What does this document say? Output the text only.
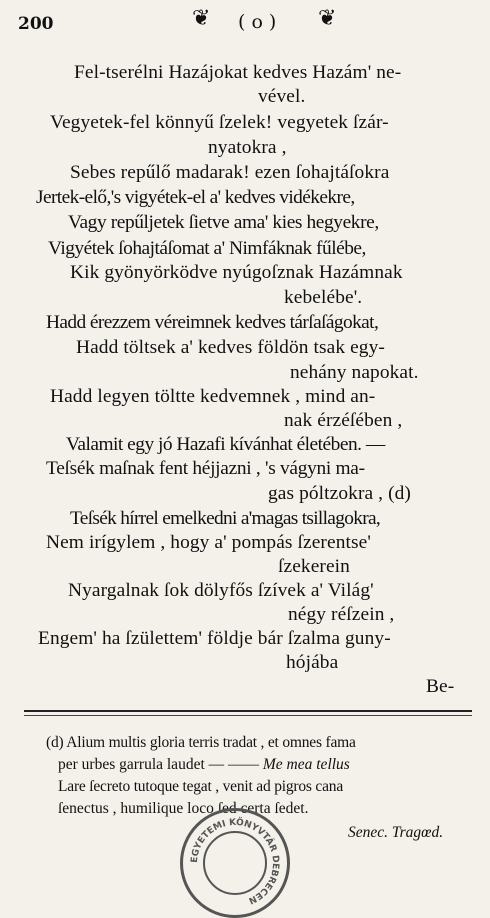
200	❦ ( o ) ❦
Fel-tserélni Hazájokat kedves Hazám' ne-
vével.
Vegyetek-fel könnyű ſzelek! vegyetek ſzár-
nyatokra ,
Sebes repűlő madarak! ezen ſohajtáſokra
Jertek-elő,'s vigyétek-el a' kedves vidékekre,
Vagy repűljetek ſietve ama' kies hegyekre,
Vigyétek ſohajtáſomat a' Nimfáknak fűlébe,
Kik gyönyörködve nyúgoſznak Hazámnak
kebelébe'.
Hadd érezzem véreimnek kedves tárſaſágokat,
Hadd töltsek a' kedves földön tsak egy-
nehány napokat.
Hadd legyen töltte kedvemnek , mind an-
nak érzéſében ,
Valamit egy jó Hazafi kívánhat életében. —
Teſsék maſnak fent héjjazni , 's vágyni ma-
gas póltzokra , (d)
Teſsék hírrel emelkedni a'magas tsillagokra,
Nem irígylem , hogy a' pompás ſzerentse'
ſzekerein
Nyargalnak ſok dölyfős ſzívek a' Világ'
négy réſzein ,
Engem' ha ſzülettem' földje bár ſzalma guny-
hójába
Be-
(d) Alium multis gloria terris tradat , et omnes fama
per urbes garrula laudet — —— Me mea tellus
Lare ſecreto tutoque tegat , venit ad pigros cana
ſenectus , humilique loco ſed certa ſedet.
Senec. Tragœd.
EGYETEMI KÖNYVTÁR DEBRECEN
